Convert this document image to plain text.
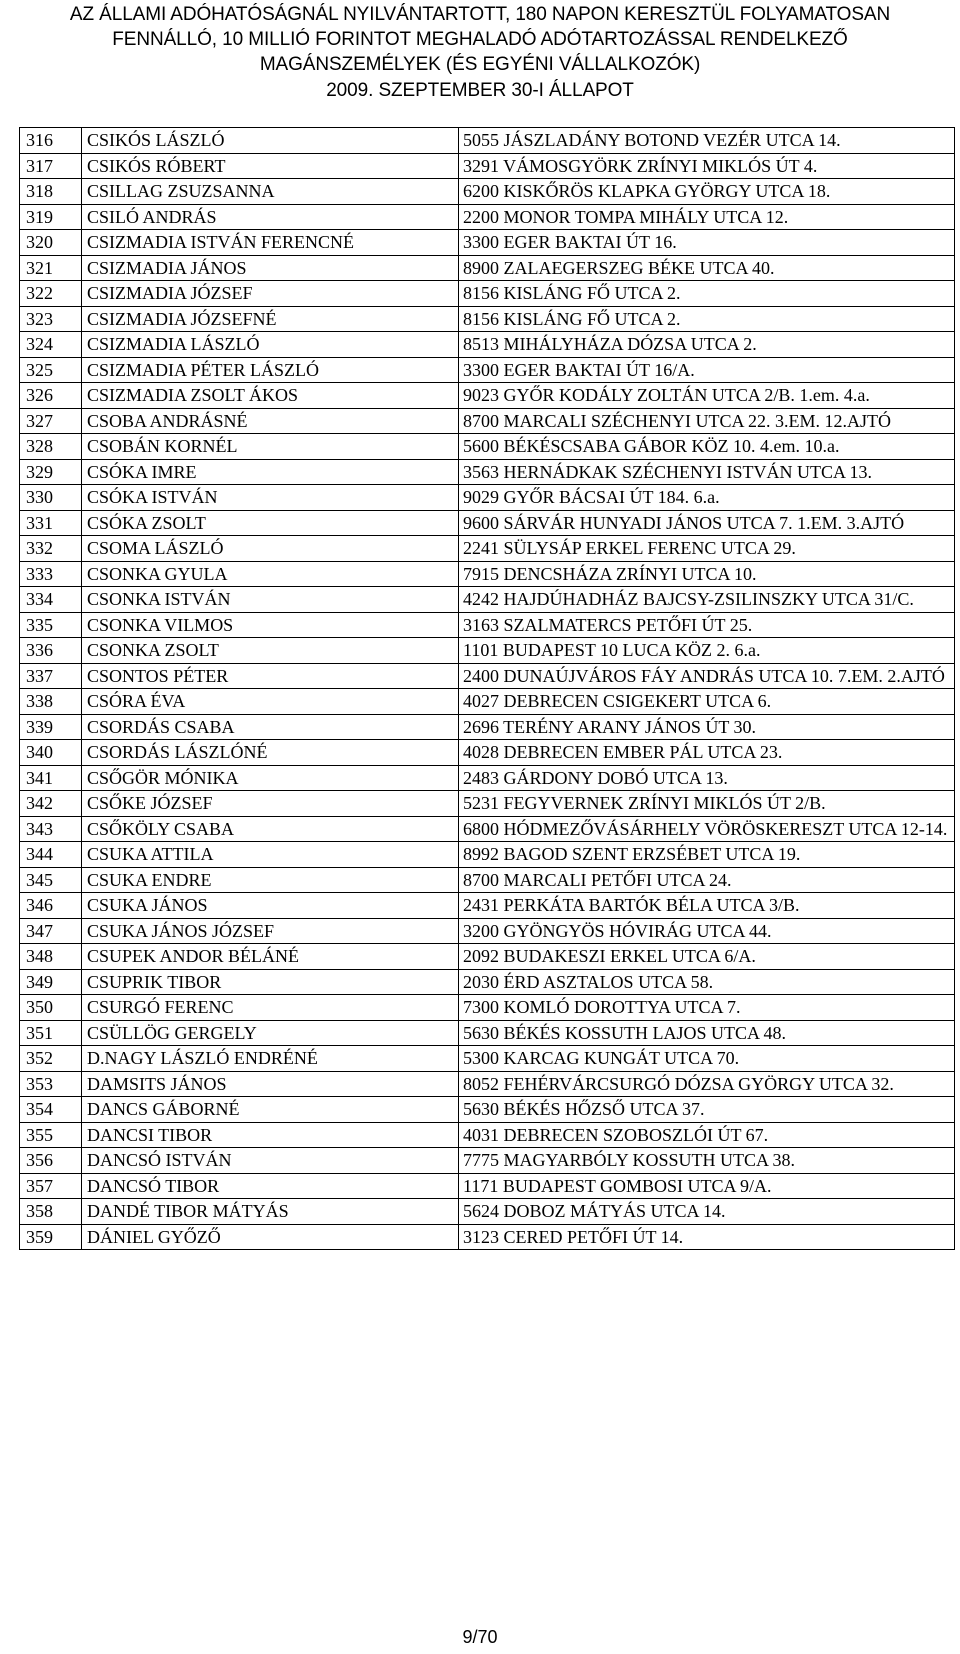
AZ ÁLLAMI ADÓHATÓSÁGNÁL NYILVÁNTARTOTT, 180 NAPON KERESZTÜL FOLYAMATOSAN
FENNÁLLÓ, 10 MILLIÓ FORINTOT MEGHALADÓ ADÓTARTOZÁSSAL RENDELKEZŐ
MAGÁNSZEMÉLYEK (ÉS EGYÉNI VÁLLALKOZÓK)
2009. SZEPTEMBER 30-I ÁLLAPOT
316	CSIKÓS LÁSZLÓ	5055 JÁSZLADÁNY BOTOND VEZÉR UTCA 14.
317	CSIKÓS RÓBERT	3291 VÁMOSGYÖRK ZRÍNYI MIKLÓS ÚT 4.
318	CSILLAG ZSUZSANNA	6200 KISKŐRÖS KLAPKA GYÖRGY UTCA 18.
319	CSILÓ ANDRÁS	2200 MONOR TOMPA MIHÁLY UTCA 12.
320	CSIZMADIA ISTVÁN FERENCNÉ	3300 EGER BAKTAI ÚT 16.
321	CSIZMADIA JÁNOS	8900 ZALAEGERSZEG BÉKE UTCA 40.
322	CSIZMADIA JÓZSEF	8156 KISLÁNG FŐ UTCA 2.
323	CSIZMADIA JÓZSEFNÉ	8156 KISLÁNG FŐ UTCA 2.
324	CSIZMADIA LÁSZLÓ	8513 MIHÁLYHÁZA DÓZSA UTCA 2.
325	CSIZMADIA PÉTER LÁSZLÓ	3300 EGER BAKTAI ÚT 16/A.
326	CSIZMADIA ZSOLT ÁKOS	9023 GYŐR KODÁLY ZOLTÁN UTCA 2/B. 1.em. 4.a.
327	CSOBA ANDRÁSNÉ	8700 MARCALI SZÉCHENYI UTCA 22. 3.EM. 12.AJTÓ
328	CSOBÁN KORNÉL	5600 BÉKÉSCSABA GÁBOR KÖZ 10. 4.em. 10.a.
329	CSÓKA IMRE	3563 HERNÁDKAK SZÉCHENYI ISTVÁN UTCA 13.
330	CSÓKA ISTVÁN	9029 GYŐR BÁCSAI ÚT 184. 6.a.
331	CSÓKA ZSOLT	9600 SÁRVÁR HUNYADI JÁNOS UTCA 7. 1.EM. 3.AJTÓ
332	CSOMA LÁSZLÓ	2241 SÜLYSÁP ERKEL FERENC UTCA 29.
333	CSONKA GYULA	7915 DENCSHÁZA ZRÍNYI UTCA 10.
334	CSONKA ISTVÁN	4242 HAJDÚHADHÁZ BAJCSY-ZSILINSZKY UTCA 31/C.
335	CSONKA VILMOS	3163 SZALMATERCS PETŐFI ÚT 25.
336	CSONKA ZSOLT	1101 BUDAPEST 10 LUCA KÖZ 2. 6.a.
337	CSONTOS PÉTER	2400 DUNAÚJVÁROS FÁY ANDRÁS UTCA 10. 7.EM. 2.AJTÓ
338	CSÓRA ÉVA	4027 DEBRECEN CSIGEKERT UTCA 6.
339	CSORDÁS CSABA	2696 TERÉNY ARANY JÁNOS ÚT 30.
340	CSORDÁS LÁSZLÓNÉ	4028 DEBRECEN EMBER PÁL UTCA 23.
341	CSŐGÖR MÓNIKA	2483 GÁRDONY DOBÓ UTCA 13.
342	CSŐKE JÓZSEF	5231 FEGYVERNEK ZRÍNYI MIKLÓS ÚT 2/B.
343	CSŐKÖLY CSABA	6800 HÓDMEZŐVÁSÁRHELY VÖRÖSKERESZT UTCA 12-14.
344	CSUKA ATTILA	8992 BAGOD SZENT ERZSÉBET UTCA 19.
345	CSUKA ENDRE	8700 MARCALI PETŐFI UTCA 24.
346	CSUKA JÁNOS	2431 PERKÁTA BARTÓK BÉLA UTCA 3/B.
347	CSUKA JÁNOS JÓZSEF	3200 GYÖNGYÖS HÓVIRÁG UTCA 44.
348	CSUPEK ANDOR BÉLÁNÉ	2092 BUDAKESZI ERKEL UTCA 6/A.
349	CSUPRIK TIBOR	2030 ÉRD ASZTALOS UTCA 58.
350	CSURGÓ FERENC	7300 KOMLÓ DOROTTYA UTCA 7.
351	CSÜLLÖG GERGELY	5630 BÉKÉS KOSSUTH LAJOS UTCA 48.
352	D.NAGY LÁSZLÓ ENDRÉNÉ	5300 KARCAG KUNGÁT UTCA 70.
353	DAMSITS JÁNOS	8052 FEHÉRVÁRCSURGÓ DÓZSA GYÖRGY UTCA 32.
354	DANCS GÁBORNÉ	5630 BÉKÉS HŐZSŐ UTCA 37.
355	DANCSI TIBOR	4031 DEBRECEN SZOBOSZLÓI ÚT 67.
356	DANCSÓ ISTVÁN	7775 MAGYARBÓLY KOSSUTH UTCA 38.
357	DANCSÓ TIBOR	1171 BUDAPEST GOMBOSI UTCA 9/A.
358	DANDÉ TIBOR MÁTYÁS	5624 DOBOZ MÁTYÁS UTCA 14.
359	DÁNIEL GYŐZŐ	3123 CERED PETŐFI ÚT 14.
9/70
